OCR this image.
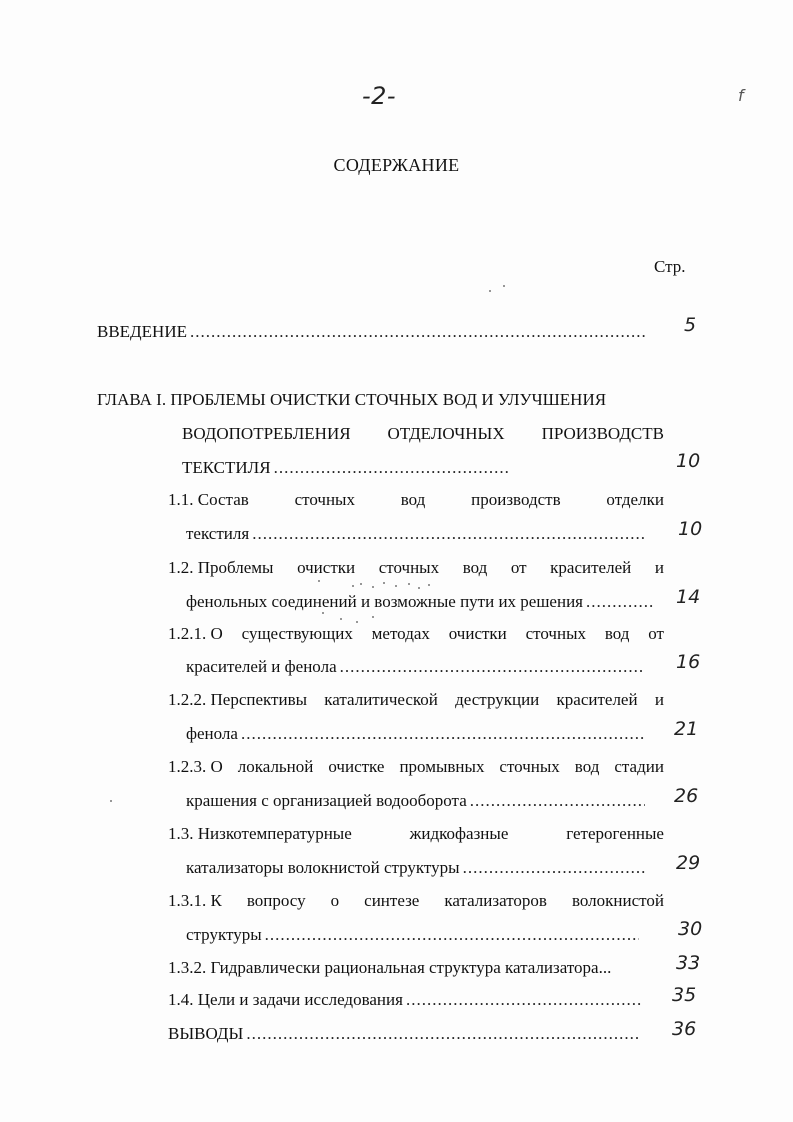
-2-	f
СОДЕРЖАНИЕ
Стр.
ВВЕДЕНИЕ .....	5
ГЛАВА I. ПРОБЛЕМЫ ОЧИСТКИ СТОЧНЫХ ВОД И УЛУЧШЕНИЯ
ВОДОПОТРЕБЛЕНИЯ ОТДЕЛОЧНЫХ ПРОИЗВОДСТВ
ТЕКСТИЛЯ .....	10
1.1. Состав	сточных	вод	производств	отделки
текстиля .....	10
1.2. Проблемы очистки сточных вод от красителей и
фенольных соединений и возможные пути их решения .....	14
1.2.1. О существующих методах очистки сточных вод от
красителей и фенола .....	16
1.2.2. Перспективы каталитической деструкции красителей и
фенола .....	21
1.2.3. О локальной очистке промывных сточных вод стадии
крашения с организацией водооборота .....	26
1.3. Низкотемпературные	жидкофазные	гетерогенные
катализаторы волокнистой структуры .....	29
1.3.1. К вопросу о синтезе катализаторов волокнистой
структуры .....	30
1.3.2. Гидравлически рациональная структура катализатора...	33
1.4. Цели и задачи исследования .....	35
ВЫВОДЫ .....	36
